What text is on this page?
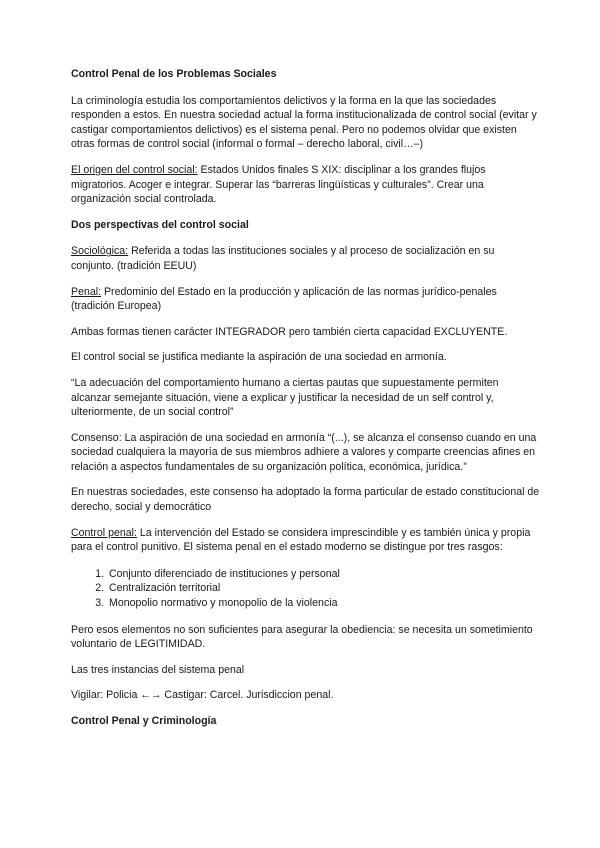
Control Penal de los Problemas Sociales

La criminología estudia los comportamientos delictivos y la forma en la que las sociedades responden a estos. En nuestra sociedad actual la forma institucionalizada de control social (evitar y castigar comportamientos delictivos) es el sistema penal. Pero no podemos olvidar que existen otras formas de control social (informal o formal – derecho laboral, civil…–)

El origen del control social: Estados Unidos finales S XIX: disciplinar a los grandes flujos migratorios. Acoger e integrar. Superar las “barreras lingüísticas y culturales”. Crear una organización social controlada.

Dos perspectivas del control social

Sociológica: Referida a todas las instituciones sociales y al proceso de socialización en su conjunto. (tradición EEUU)

Penal: Predominio del Estado en la producción y aplicación de las normas jurídico-penales (tradición Europea)

Ambas formas tienen carácter INTEGRADOR pero también cierta capacidad EXCLUYENTE.

El control social se justifica mediante la aspiración de una sociedad en armonía.

“La adecuación del comportamiento humano a ciertas pautas que supuestamente permiten alcanzar semejante situación, viene a explicar y justificar la necesidad de un self control y, ulteriormente, de un social control”

Consenso: La aspiración de una sociedad en armonía “(...), se alcanza el consenso cuando en una sociedad cualquiera la mayoría de sus miembros adhiere a valores y comparte creencias afines en relación a aspectos fundamentales de su organización política, económica, jurídica.”

En nuestras sociedades, este consenso ha adoptado la forma particular de estado constitucional de derecho, social y democrático

Control penal: La intervención del Estado se considera imprescindible y es también única y propia para el control punitivo. El sistema penal en el estado moderno se distingue por tres rasgos:

1. Conjunto diferenciado de instituciones y personal
2. Centralización territorial
3. Monopolio normativo y monopolio de la violencia

Pero esos elementos no son suficientes para asegurar la obediencia: se necesita un sometimiento voluntario de LEGITIMIDAD.

Las tres instancias del sistema penal

Vigilar: Policia ←→ Castigar: Carcel. Jurisdiccion penal.

Control Penal y Criminología
